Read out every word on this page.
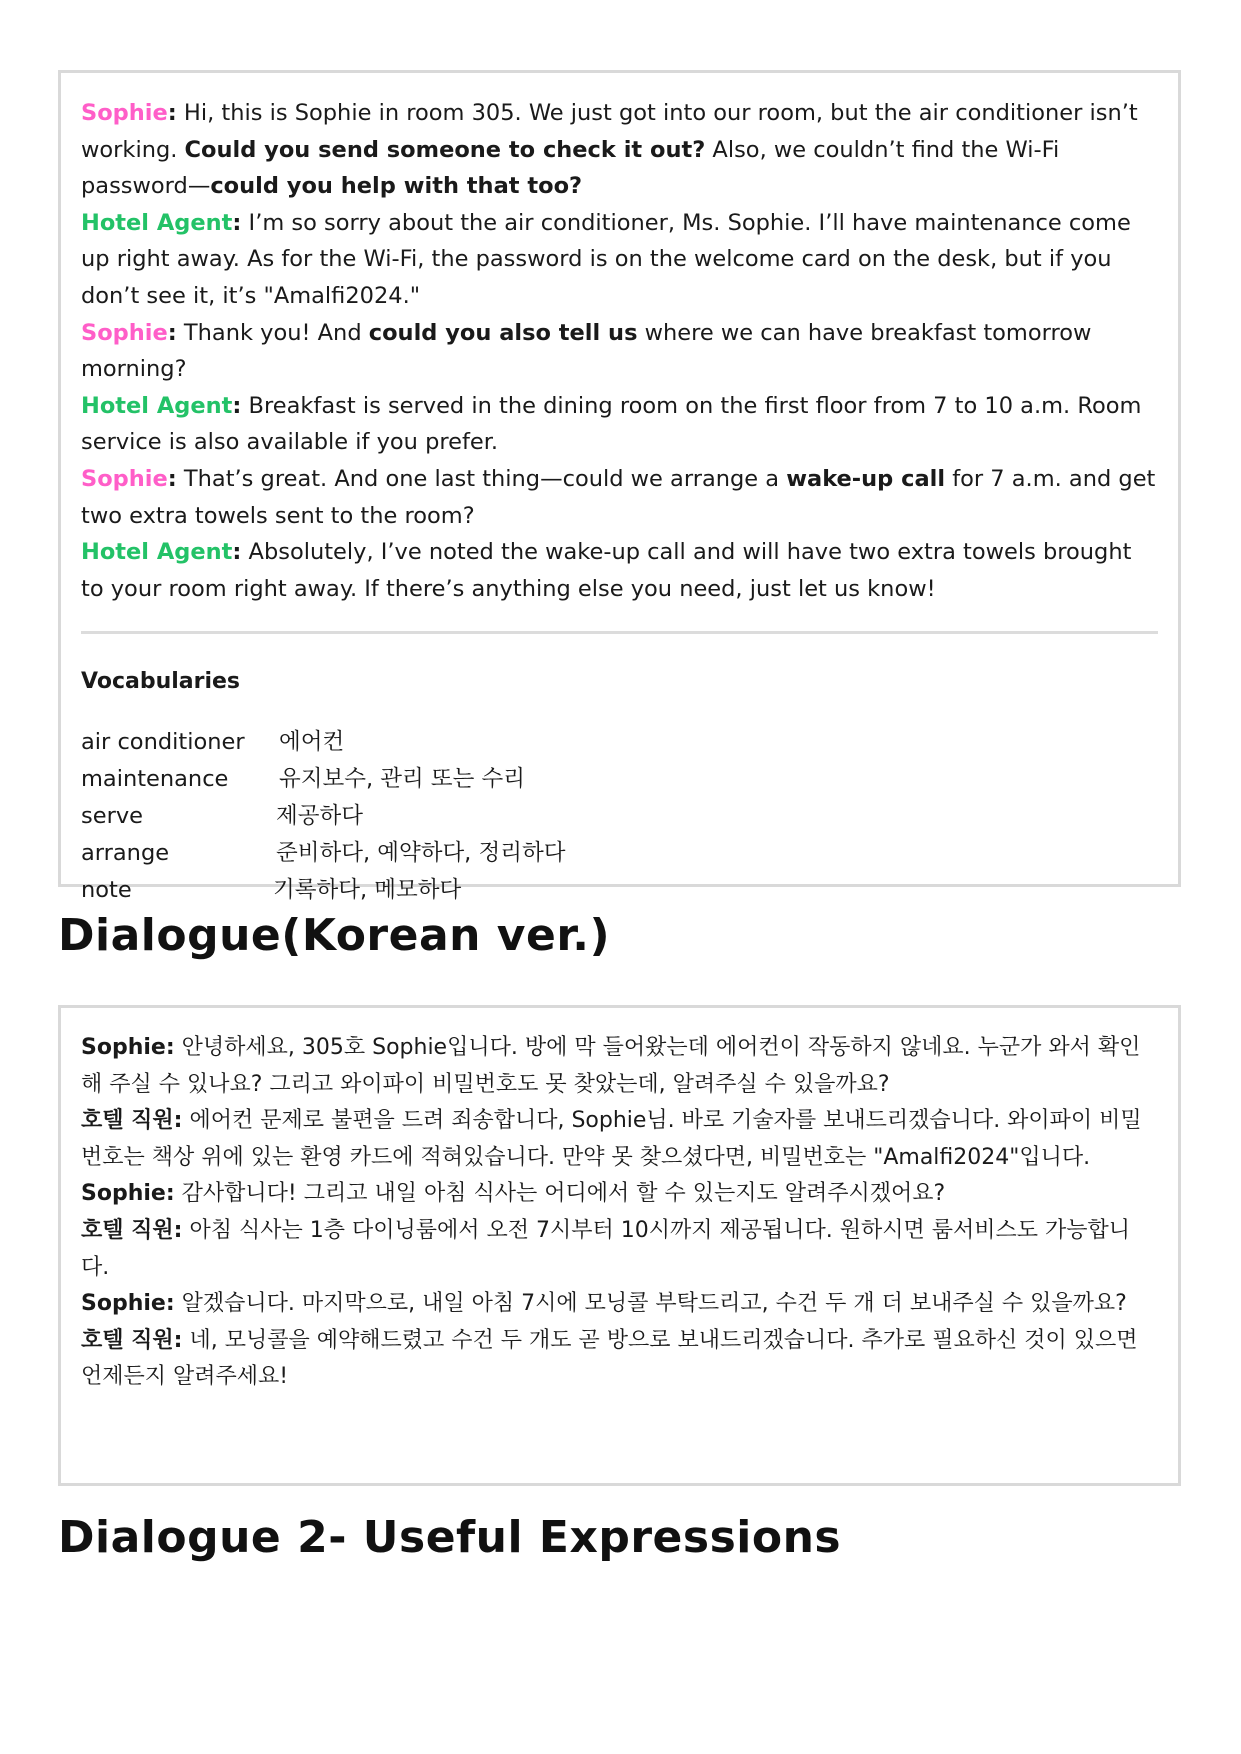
Sophie: Hi, this is Sophie in room 305. We just got into our room, but the air conditioner isn’t working. Could you send someone to check it out? Also, we couldn’t find the Wi-Fi password—could you help with that too?
Hotel Agent: I’m so sorry about the air conditioner, Ms. Sophie. I’ll have maintenance come up right away. As for the Wi-Fi, the password is on the welcome card on the desk, but if you don’t see it, it’s "Amalfi2024."
Sophie: Thank you! And could you also tell us where we can have breakfast tomorrow morning?
Hotel Agent: Breakfast is served in the dining room on the first floor from 7 to 10 a.m. Room service is also available if you prefer.
Sophie: That’s great. And one last thing—could we arrange a wake-up call for 7 a.m. and get two extra towels sent to the room?
Hotel Agent: Absolutely, I’ve noted the wake-up call and will have two extra towels brought to your room right away. If there’s anything else you need, just let us know!
Vocabularies
air conditioner 에어컨
maintenance 유지보수, 관리 또는 수리
serve	제공하다
arrange	준비하다, 예약하다, 정리하다
note	기록하다, 메모하다
Dialogue(Korean ver.)
Sophie: 안녕하세요, 305호 Sophie입니다. 방에 막 들어왔는데 에어컨이 작동하지 않네요. 누군가 와서 확인해 주실 수 있나요? 그리고 와이파이 비밀번호도 못 찾았는데, 알려주실 수 있을까요?
호텔 직원: 에어컨 문제로 불편을 드려 죄송합니다, Sophie님. 바로 기술자를 보내드리겠습니다. 와이파이 비밀번호는 책상 위에 있는 환영 카드에 적혀있습니다. 만약 못 찾으셨다면, 비밀번호는 "Amalfi2024"입니다.
Sophie: 감사합니다! 그리고 내일 아침 식사는 어디에서 할 수 있는지도 알려주시겠어요?
호텔 직원: 아침 식사는 1층 다이닝룸에서 오전 7시부터 10시까지 제공됩니다. 원하시면 룸서비스도 가능합니다.
Sophie: 알겠습니다. 마지막으로, 내일 아침 7시에 모닝콜 부탁드리고, 수건 두 개 더 보내주실 수 있을까요?
호텔 직원: 네, 모닝콜을 예약해드렸고 수건 두 개도 곧 방으로 보내드리겠습니다. 추가로 필요하신 것이 있으면 언제든지 알려주세요!
Dialogue 2- Useful Expressions
